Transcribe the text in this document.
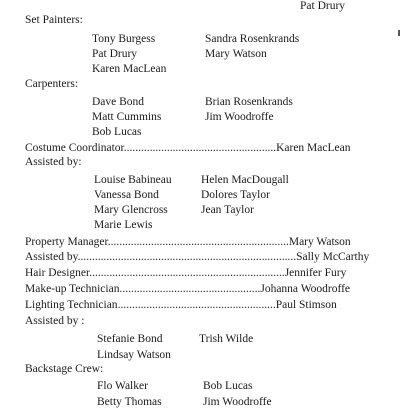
Pat Drury
Set Painters:
Tony Burgess
Pat Drury
Karen MacLean
Sandra Rosenkrands
Mary Watson
Carpenters:
Dave Bond
Matt Cummins
Bob Lucas
Brian Rosenkrands
Jim Woodroffe
Costume Coordinator.....................................................Karen MacLean
Assisted by:
Louise Babineau
Vanessa Bond
Mary Glencross
Marie Lewis
Helen MacDougall
Dolores Taylor
Jean Taylor
Property Manager...............................................................Mary Watson
Assisted by............................................................................Sally McCarthy
Hair Designer....................................................................Jennifer Fury
Make-up Technician.................................................Johanna Woodroffe
Lighting Technician.......................................................Paul Stimson
Assisted by :
Stefanie Bond
Lindsay Watson
Trish Wilde
Backstage Crew:
Flo Walker
Betty Thomas
Bob Lucas
Jim Woodroffe
